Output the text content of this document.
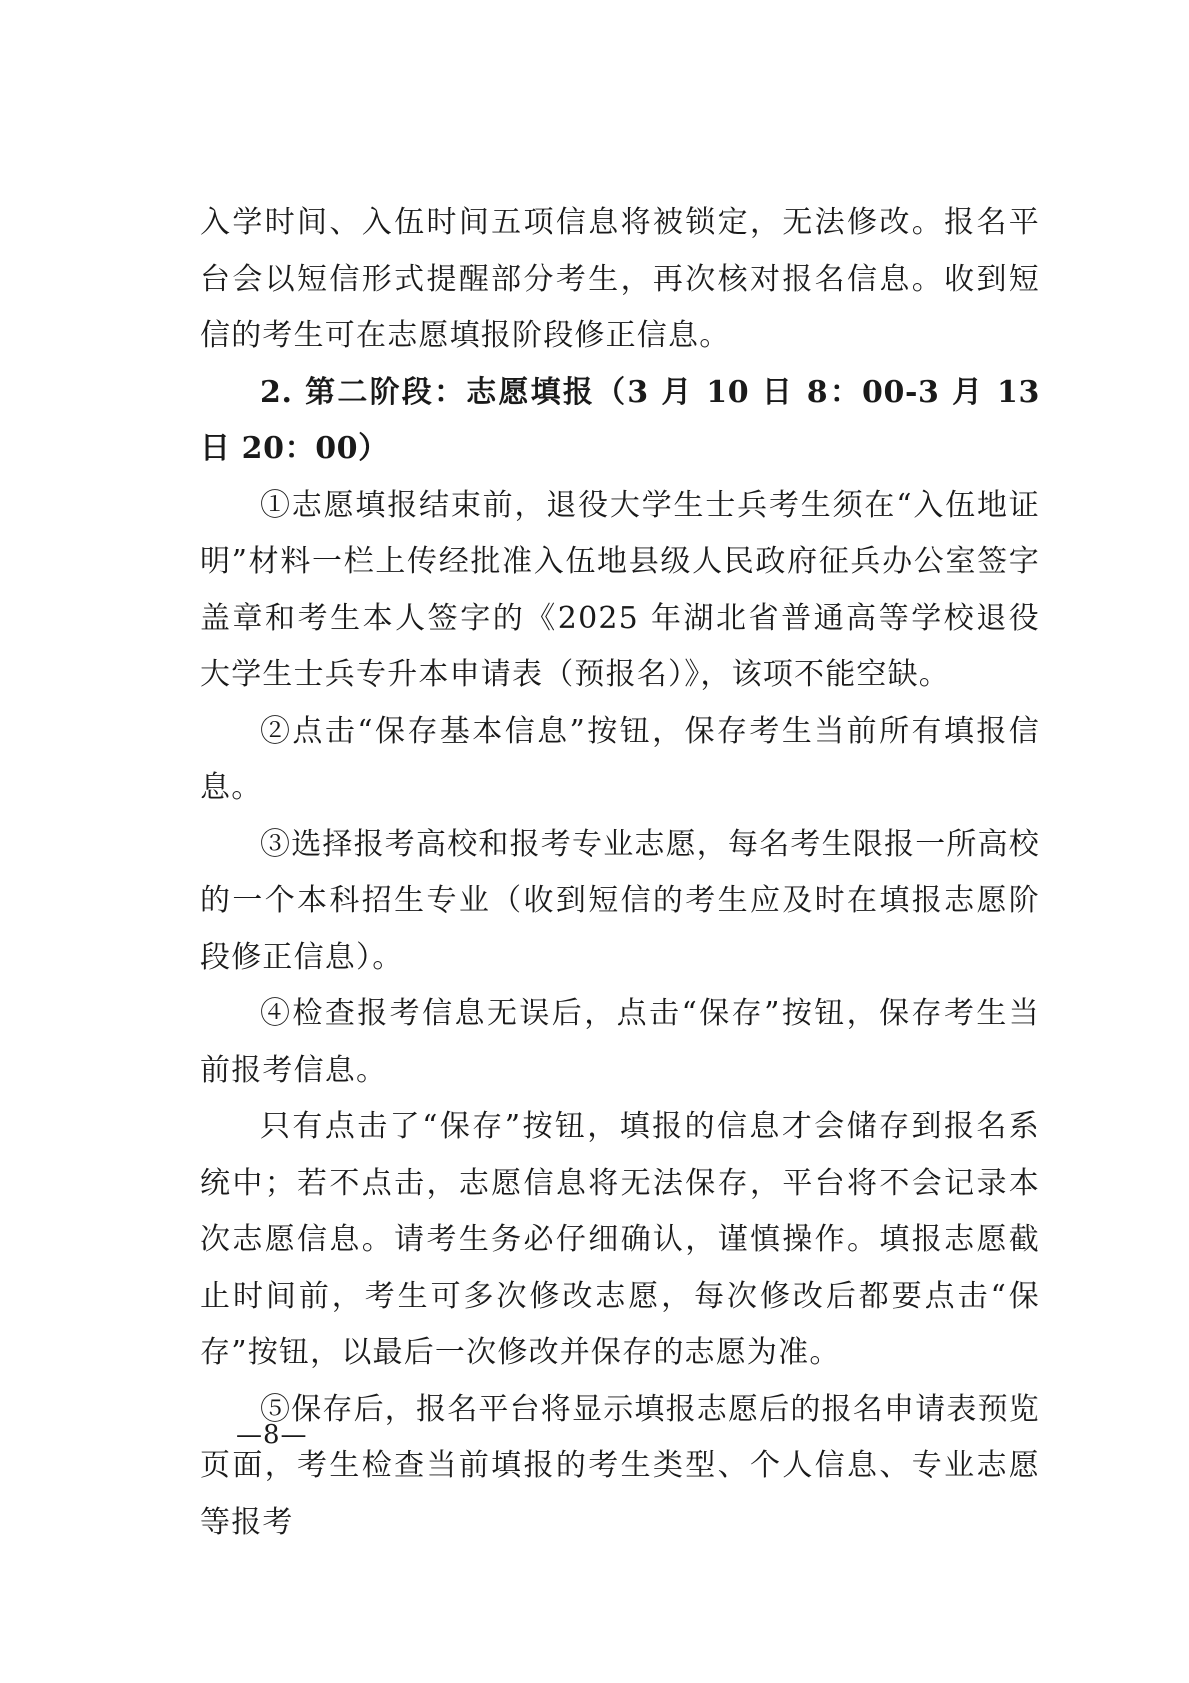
入学时间、入伍时间五项信息将被锁定，无法修改。报名平台会以短信形式提醒部分考生，再次核对报名信息。收到短信的考生可在志愿填报阶段修正信息。

2. 第二阶段：志愿填报（3 月 10 日 8：00-3 月 13 日 20：00）

①志愿填报结束前，退役大学生士兵考生须在“入伍地证明”材料一栏上传经批准入伍地县级人民政府征兵办公室签字盖章和考生本人签字的《2025 年湖北省普通高等学校退役大学生士兵专升本申请表（预报名）》，该项不能空缺。

②点击“保存基本信息”按钮，保存考生当前所有填报信息。

③选择报考高校和报考专业志愿，每名考生限报一所高校的一个本科招生专业（收到短信的考生应及时在填报志愿阶段修正信息）。

④检查报考信息无误后，点击“保存”按钮，保存考生当前报考信息。

只有点击了“保存”按钮，填报的信息才会储存到报名系统中；若不点击，志愿信息将无法保存，平台将不会记录本次志愿信息。请考生务必仔细确认，谨慎操作。填报志愿截止时间前，考生可多次修改志愿，每次修改后都要点击“保存”按钮，以最后一次修改并保存的志愿为准。

⑤保存后，报名平台将显示填报志愿后的报名申请表预览页面，考生检查当前填报的考生类型、个人信息、专业志愿等报考

—8—
